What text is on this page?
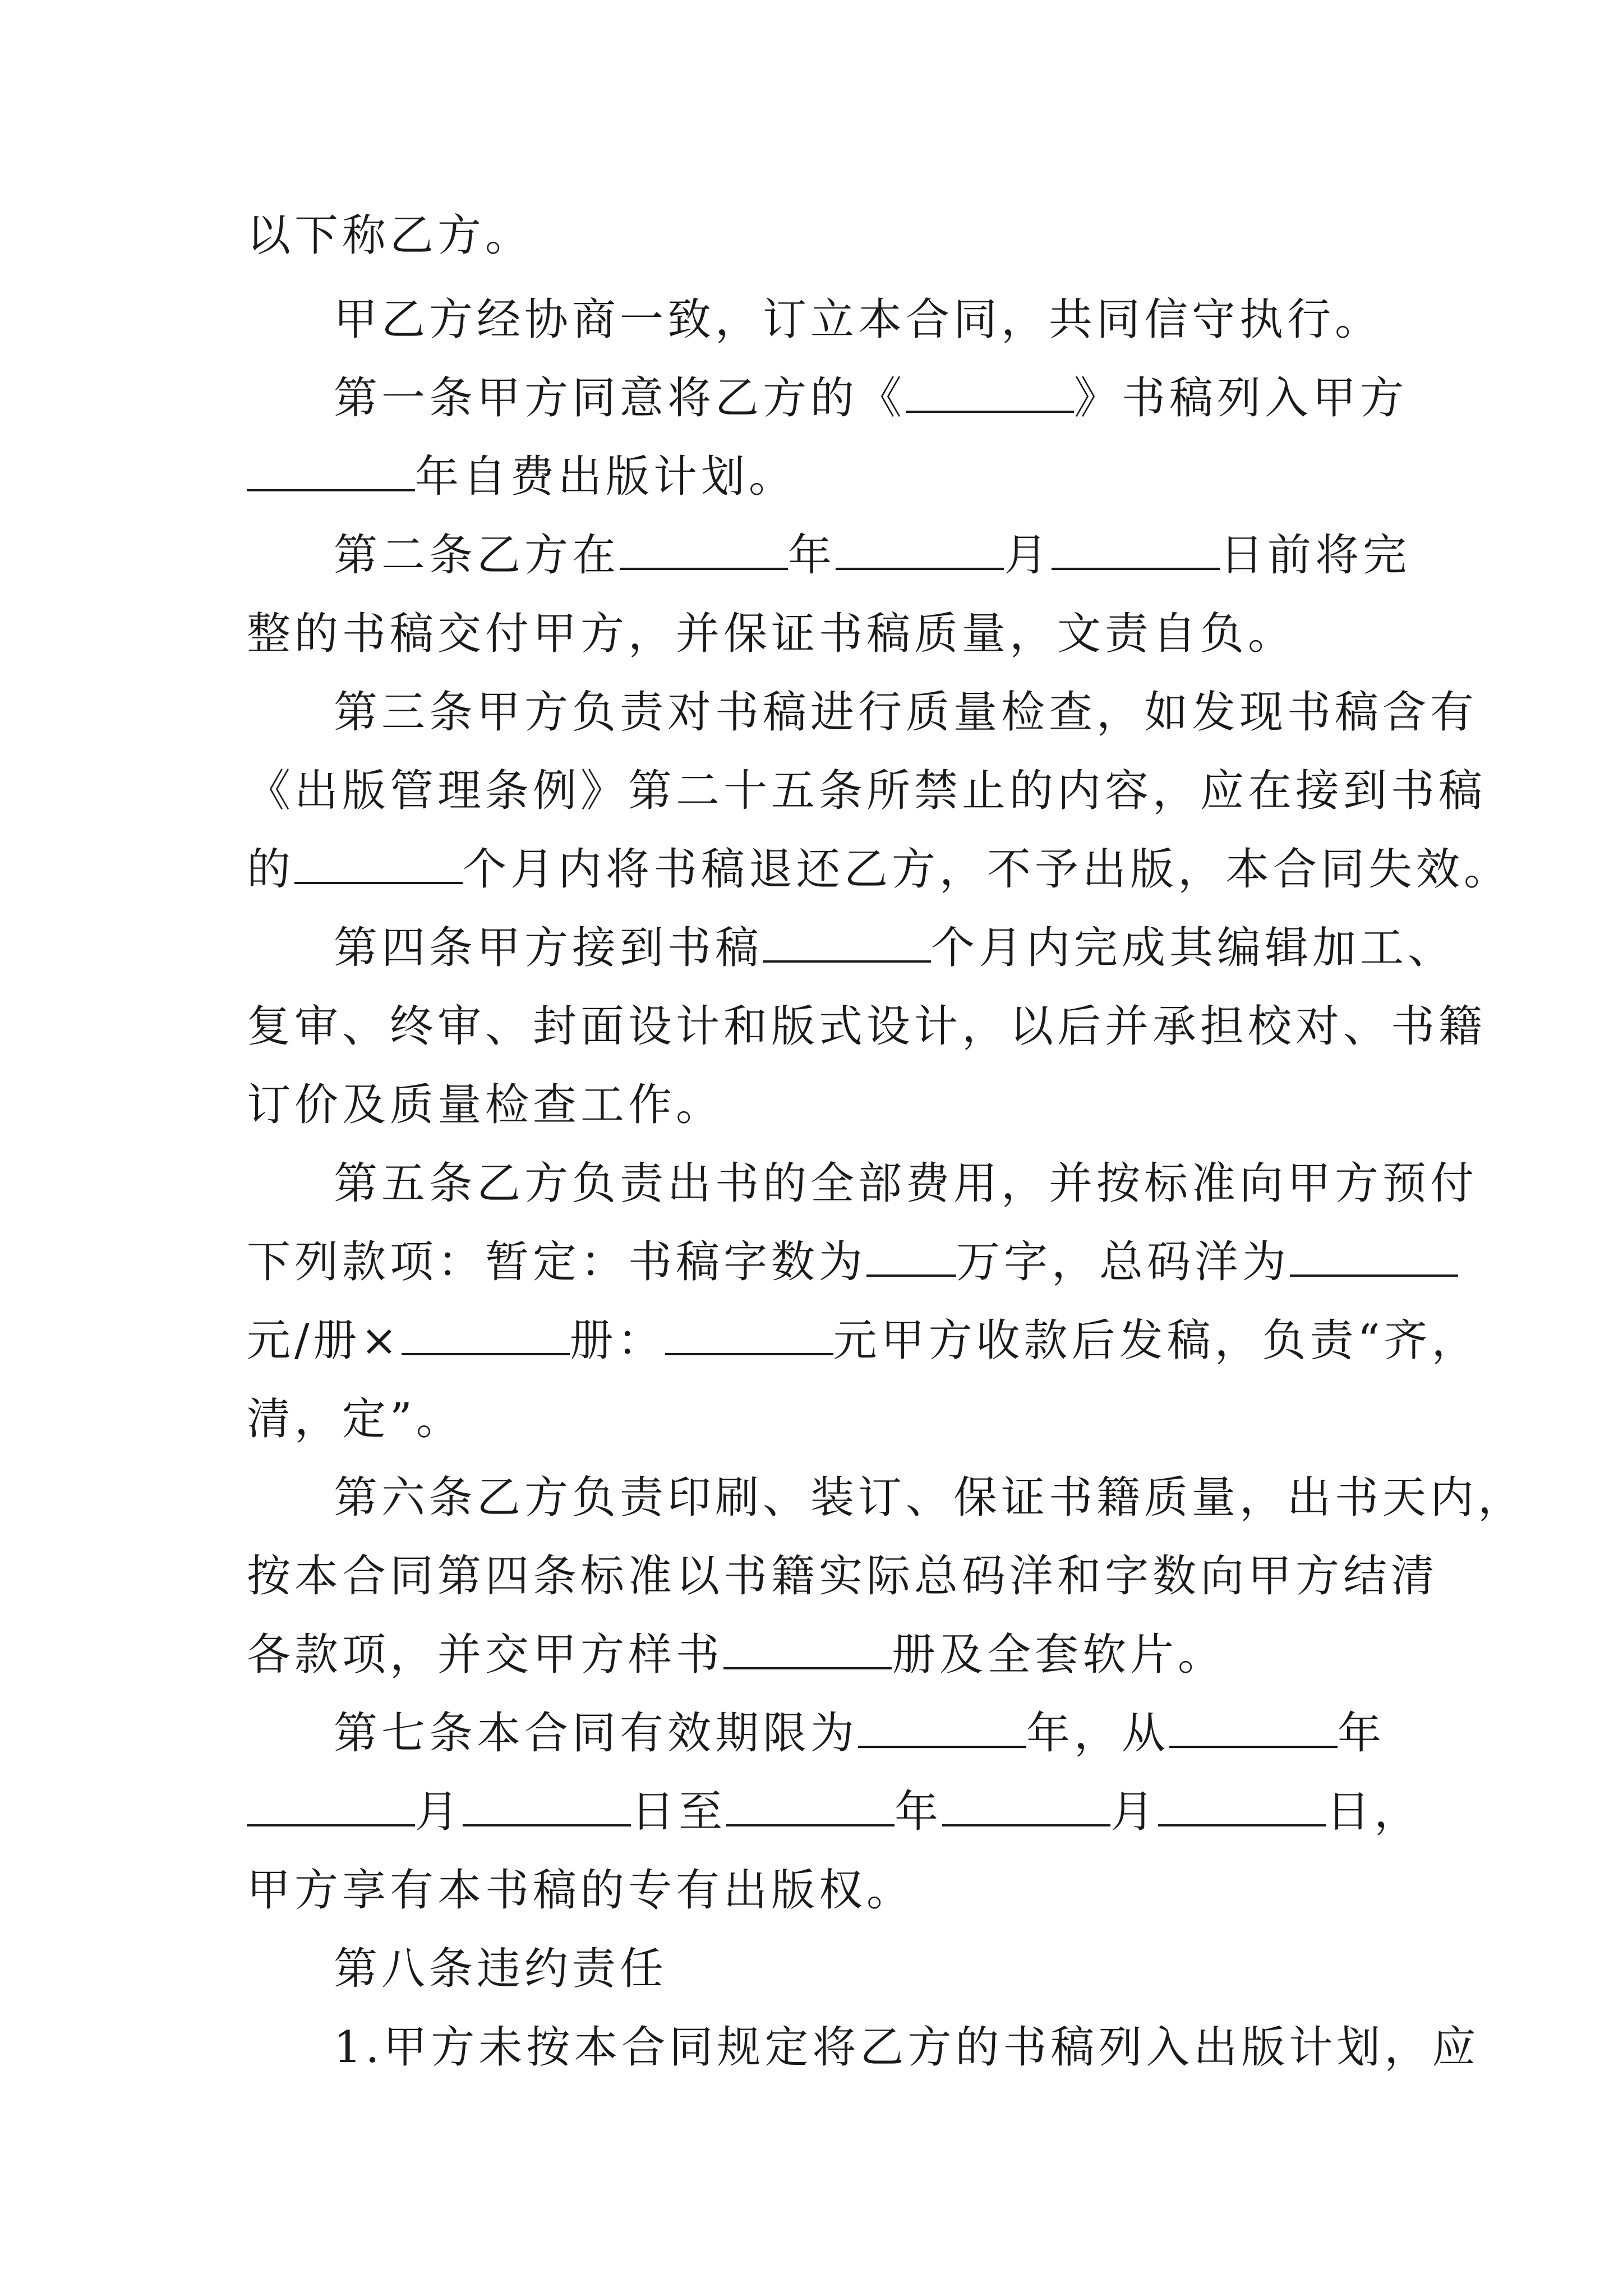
以下称乙方。
甲乙方经协商一致，订立本合同，共同信守执行。
第一条甲方同意将乙方的《	》书稿列入甲方
年自费出版计划。
第二条乙方在	年	月	日前将完
整的书稿交付甲方，并保证书稿质量，文责自负。
第三条甲方负责对书稿进行质量检查，如发现书稿含有
《出版管理条例》第二十五条所禁止的内容，应在接到书稿
的	个月内将书稿退还乙方，不予出版，本合同失效。
第四条甲方接到书稿	个月内完成其编辑加工、
复审、终审、封面设计和版式设计，以后并承担校对、书籍
订价及质量检查工作。
第五条乙方负责出书的全部费用，并按标准向甲方预付
下列款项：暂定：书稿字数为 万字，总码洋为
元/册×	册：	元甲方收款后发稿，负责“齐，
清，定”。
第六条乙方负责印刷、装订、保证书籍质量，出书天内，
按本合同第四条标准以书籍实际总码洋和字数向甲方结清
各款项，并交甲方样书	册及全套软片。
第七条本合同有效期限为	年，从	年
月	日至	年	月	日，
甲方享有本书稿的专有出版权。
第八条违约责任
1.甲方未按本合同规定将乙方的书稿列入出版计划，应
